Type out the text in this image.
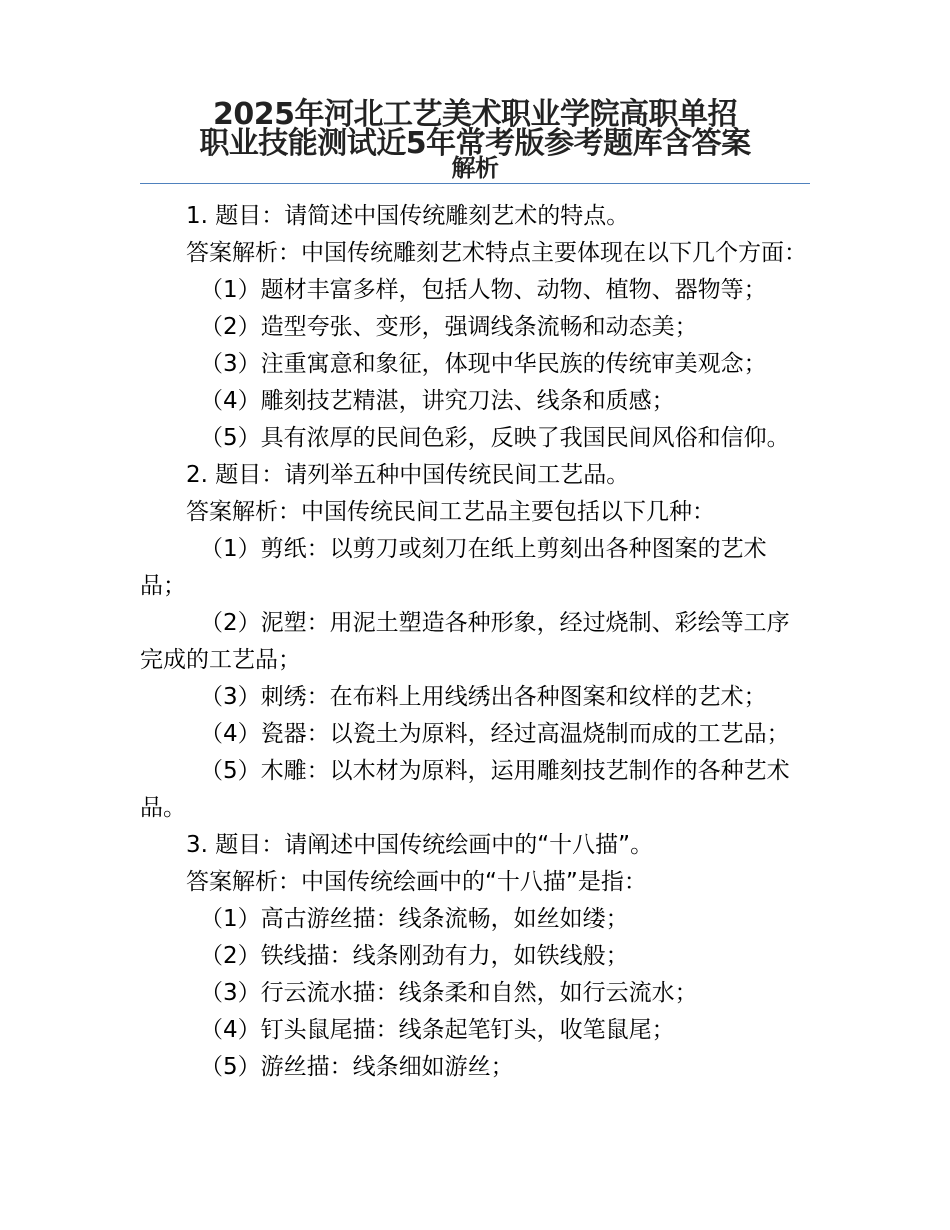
2025年河北工艺美术职业学院高职单招
职业技能测试近5年常考版参考题库含答案
解析

1. 题目：请简述中国传统雕刻艺术的特点。

答案解析：中国传统雕刻艺术特点主要体现在以下几个方面：

（1）题材丰富多样，包括人物、动物、植物、器物等；

（2）造型夸张、变形，强调线条流畅和动态美；

（3）注重寓意和象征，体现中华民族的传统审美观念；

（4）雕刻技艺精湛，讲究刀法、线条和质感；

（5）具有浓厚的民间色彩，反映了我国民间风俗和信仰。

2. 题目：请列举五种中国传统民间工艺品。

答案解析：中国传统民间工艺品主要包括以下几种：

（1）剪纸：以剪刀或刻刀在纸上剪刻出各种图案的艺术品；

（2）泥塑：用泥土塑造各种形象，经过烧制、彩绘等工序完成的工艺品；

（3）刺绣：在布料上用线绣出各种图案和纹样的艺术；

（4）瓷器：以瓷土为原料，经过高温烧制而成的工艺品；

（5）木雕：以木材为原料，运用雕刻技艺制作的各种艺术品。

3. 题目：请阐述中国传统绘画中的“十八描”。

答案解析：中国传统绘画中的“十八描”是指：

（1）高古游丝描：线条流畅，如丝如缕；

（2）铁线描：线条刚劲有力，如铁线般；

（3）行云流水描：线条柔和自然，如行云流水；

（4）钉头鼠尾描：线条起笔钉头，收笔鼠尾；

（5）游丝描：线条细如游丝；
